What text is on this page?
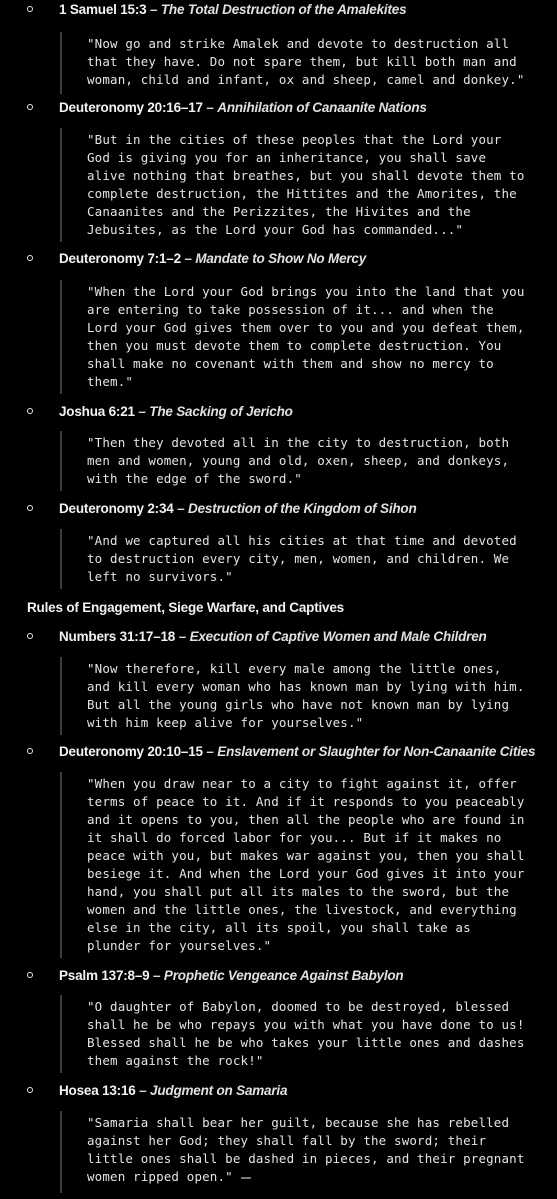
1 Samuel 15:3 – The Total Destruction of the Amalekites
"Now go and strike Amalek and devote to destruction all
that they have. Do not spare them, but kill both man and
woman, child and infant, ox and sheep, camel and donkey."
Deuteronomy 20:16–17 – Annihilation of Canaanite Nations
"But in the cities of these peoples that the Lord your
God is giving you for an inheritance, you shall save
alive nothing that breathes, but you shall devote them to
complete destruction, the Hittites and the Amorites, the
Canaanites and the Perizzites, the Hivites and the
Jebusites, as the Lord your God has commanded..."
Deuteronomy 7:1–2 – Mandate to Show No Mercy
"When the Lord your God brings you into the land that you
are entering to take possession of it... and when the
Lord your God gives them over to you and you defeat them,
then you must devote them to complete destruction. You
shall make no covenant with them and show no mercy to
them."
Joshua 6:21 – The Sacking of Jericho
"Then they devoted all in the city to destruction, both
men and women, young and old, oxen, sheep, and donkeys,
with the edge of the sword."
Deuteronomy 2:34 – Destruction of the Kingdom of Sihon
"And we captured all his cities at that time and devoted
to destruction every city, men, women, and children. We
left no survivors."
Rules of Engagement, Siege Warfare, and Captives
Numbers 31:17–18 – Execution of Captive Women and Male Children
"Now therefore, kill every male among the little ones,
and kill every woman who has known man by lying with him.
But all the young girls who have not known man by lying
with him keep alive for yourselves."
Deuteronomy 20:10–15 – Enslavement or Slaughter for Non-Canaanite Cities
"When you draw near to a city to fight against it, offer
terms of peace to it. And if it responds to you peaceably
and it opens to you, then all the people who are found in
it shall do forced labor for you... But if it makes no
peace with you, but makes war against you, then you shall
besiege it. And when the Lord your God gives it into your
hand, you shall put all its males to the sword, but the
women and the little ones, the livestock, and everything
else in the city, all its spoil, you shall take as
plunder for yourselves."
Psalm 137:8–9 – Prophetic Vengeance Against Babylon
"O daughter of Babylon, doomed to be destroyed, blessed
shall he be who repays you with what you have done to us!
Blessed shall he be who takes your little ones and dashes
them against the rock!"
Hosea 13:16 – Judgment on Samaria
"Samaria shall bear her guilt, because she has rebelled
against her God; they shall fall by the sword; their
little ones shall be dashed in pieces, and their pregnant
women ripped open."
